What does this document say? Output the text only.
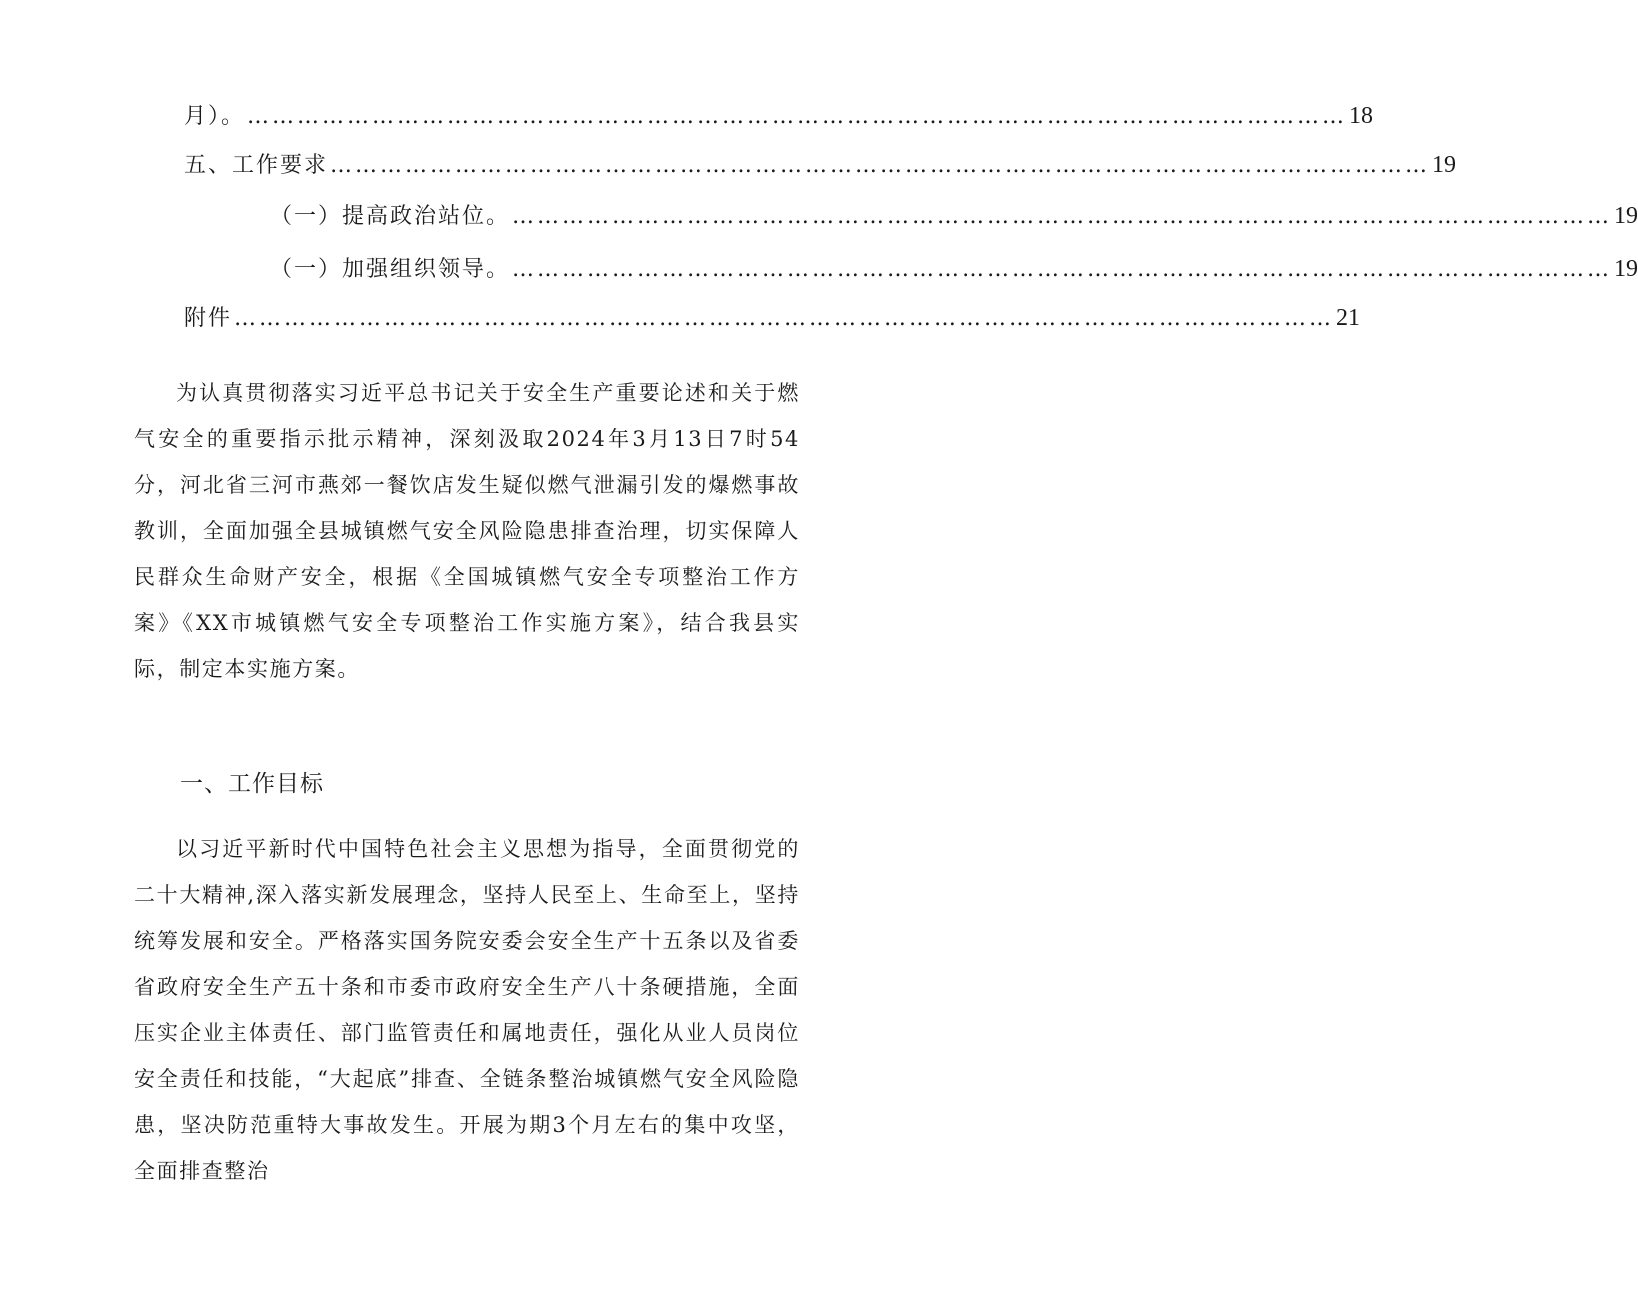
月）。 …………………………………………………………………………………………………………………… 18
五、工作要求 …………………………………………………………………………………………………………………… 19
（一）提高政治站位。 …………………………………………………………………………………………………………………… 19
（一）加强组织领导。 …………………………………………………………………………………………………………………… 19
附件 …………………………………………………………………………………………………………………… 21

为认真贯彻落实习近平总书记关于安全生产重要论述和关于燃气安全的重要指示批示精神，深刻汲取2024年3月13日7时54分，河北省三河市燕郊一餐饮店发生疑似燃气泄漏引发的爆燃事故教训，全面加强全县城镇燃气安全风险隐患排查治理，切实保障人民群众生命财产安全，根据《全国城镇燃气安全专项整治工作方案》《XX市城镇燃气安全专项整治工作实施方案》，结合我县实际，制定本实施方案。

一、工作目标

以习近平新时代中国特色社会主义思想为指导，全面贯彻党的二十大精神,深入落实新发展理念，坚持人民至上、生命至上，坚持统筹发展和安全。严格落实国务院安委会安全生产十五条以及省委省政府安全生产五十条和市委市政府安全生产八十条硬措施，全面压实企业主体责任、部门监管责任和属地责任，强化从业人员岗位安全责任和技能，“大起底”排查、全链条整治城镇燃气安全风险隐患，坚决防范重特大事故发生。开展为期3个月左右的集中攻坚，全面排查整治
